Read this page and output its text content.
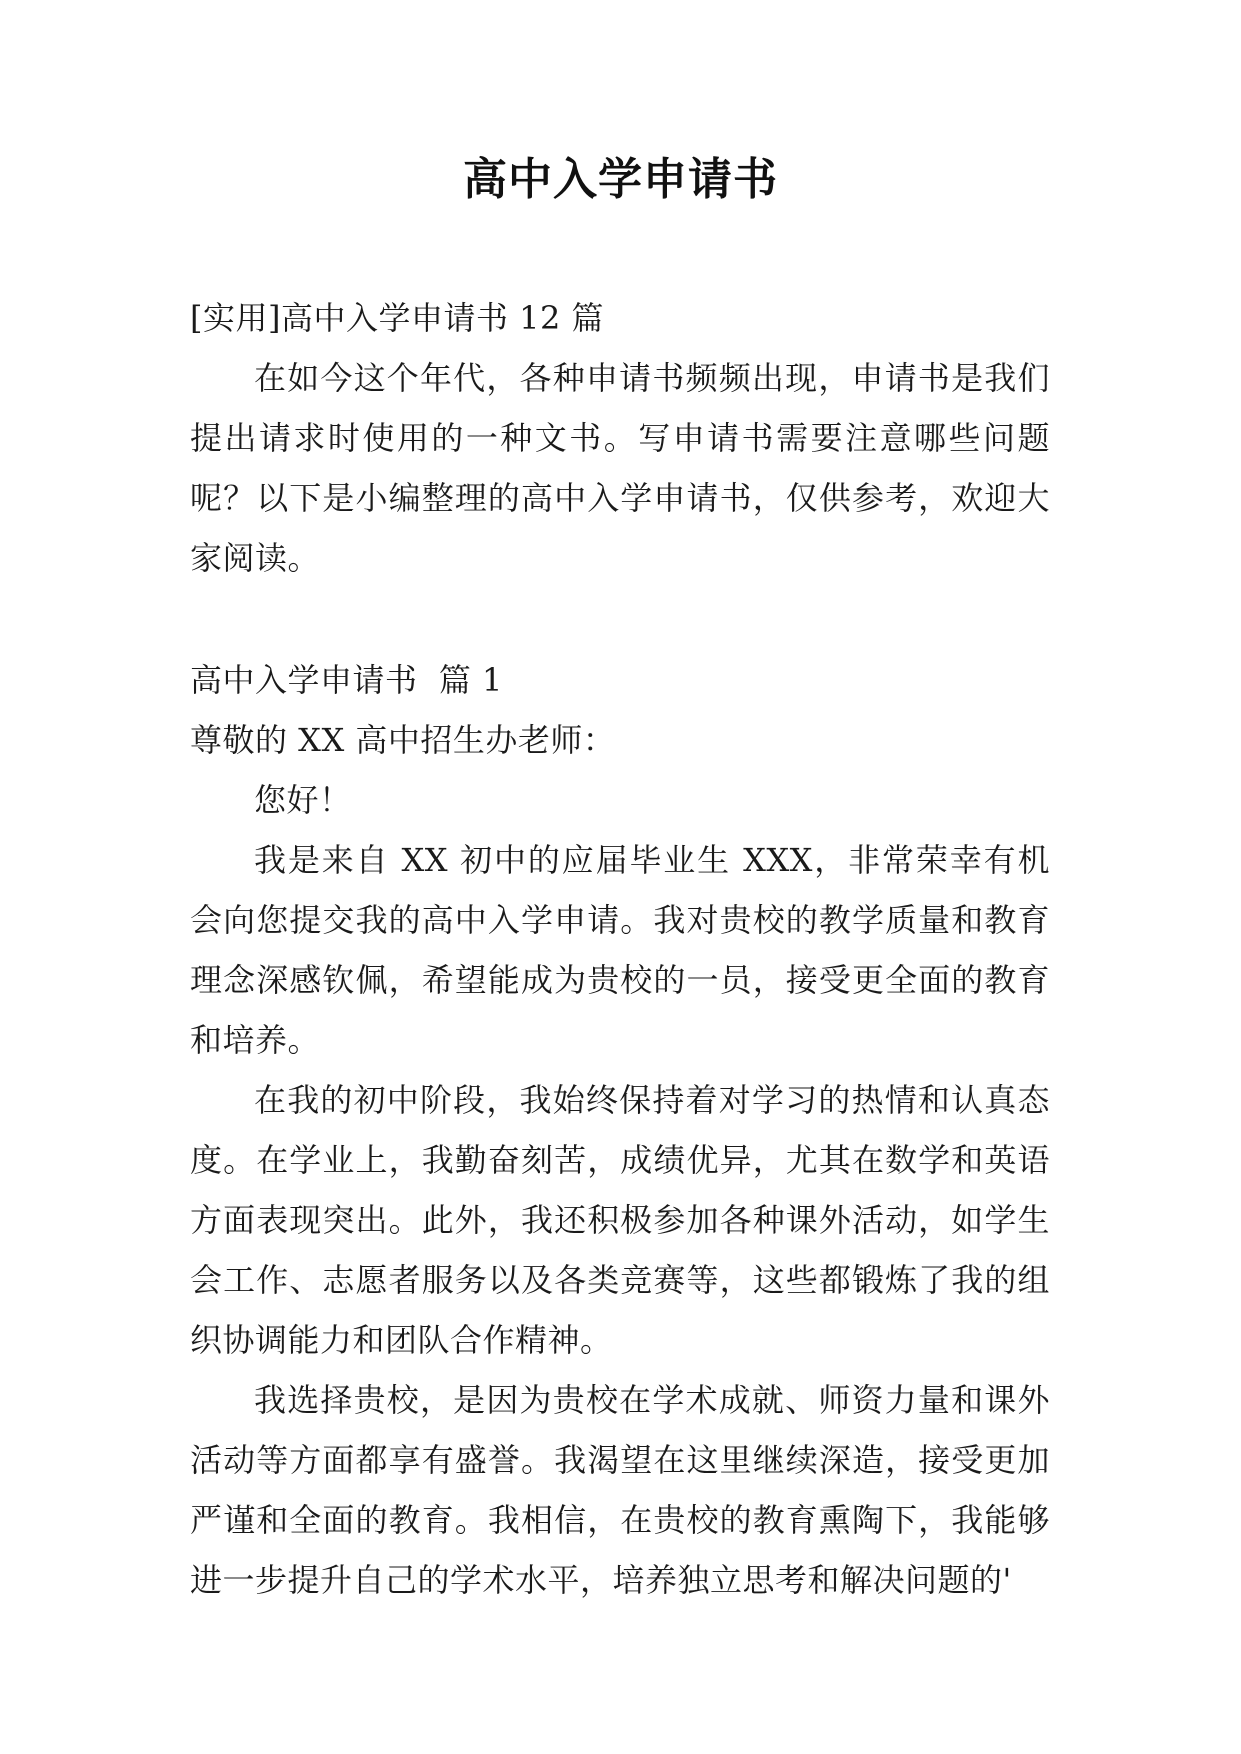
高中入学申请书

[实用]高中入学申请书 12 篇

在如今这个年代，各种申请书频频出现，申请书是我们提出请求时使用的一种文书。写申请书需要注意哪些问题呢？以下是小编整理的高中入学申请书，仅供参考，欢迎大家阅读。

高中入学申请书  篇 1

尊敬的 XX 高中招生办老师：

您好！

我是来自 XX 初中的应届毕业生 XXX，非常荣幸有机会向您提交我的高中入学申请。我对贵校的教学质量和教育理念深感钦佩，希望能成为贵校的一员，接受更全面的教育和培养。

在我的初中阶段，我始终保持着对学习的热情和认真态度。在学业上，我勤奋刻苦，成绩优异，尤其在数学和英语方面表现突出。此外，我还积极参加各种课外活动，如学生会工作、志愿者服务以及各类竞赛等，这些都锻炼了我的组织协调能力和团队合作精神。

我选择贵校，是因为贵校在学术成就、师资力量和课外活动等方面都享有盛誉。我渴望在这里继续深造，接受更加严谨和全面的教育。我相信，在贵校的教育熏陶下，我能够进一步提升自己的学术水平，培养独立思考和解决问题的'
